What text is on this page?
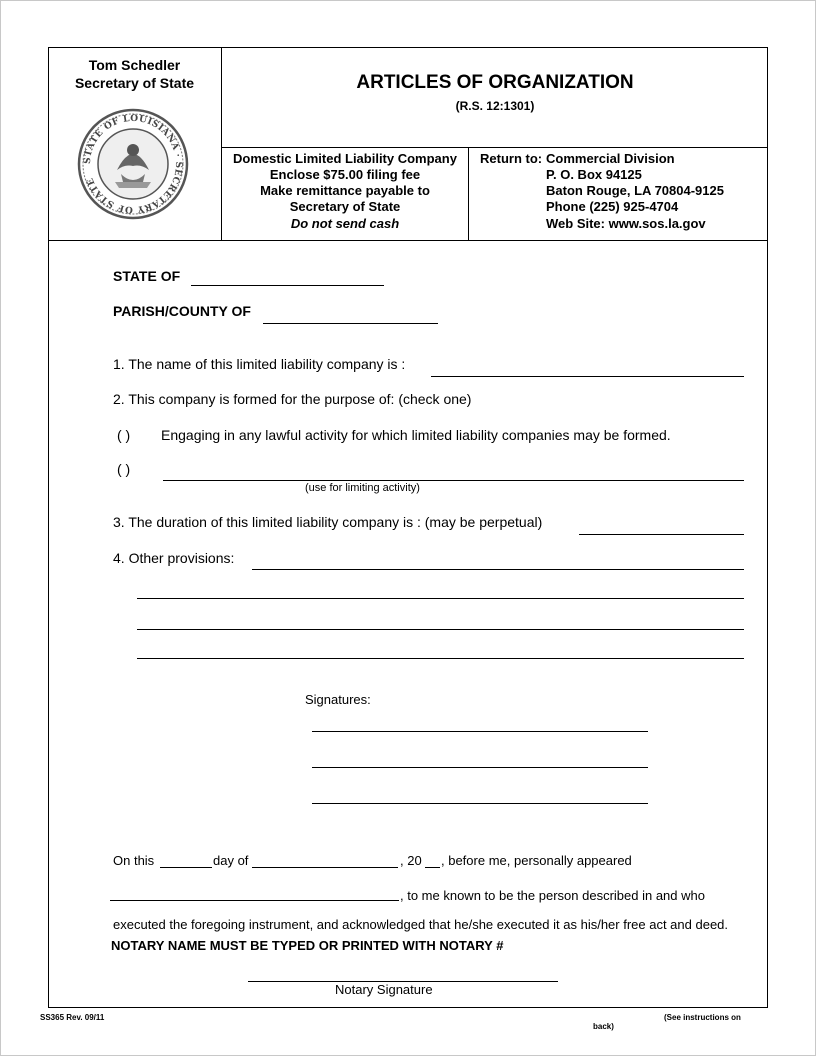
Tom Schedler
Secretary of State
STATE OF LOUISIANA · SECRETARY OF STATE
ARTICLES OF ORGANIZATION
(R.S. 12:1301)
Domestic Limited Liability Company
Enclose $75.00 filing fee
Make remittance payable to
Secretary of State
Do not send cash
Return to: Commercial Division
P. O. Box 94125
Baton Rouge, LA 70804-9125
Phone (225) 925-4704
Web Site: www.sos.la.gov
STATE OF
PARISH/COUNTY OF
1. The name of this limited liability company is :
2. This company is formed for the purpose of: (check one)
( ) Engaging in any lawful activity for which limited liability companies may be formed.
( )
(use for limiting activity)
3. The duration of this limited liability company is : (may be perpetual)
4. Other provisions:
Signatures:
On this	day of	, 20 , before me, personally appeared
, to me known to be the person described in and who
executed the foregoing instrument, and acknowledged that he/she executed it as his/her free act and deed.
NOTARY NAME MUST BE TYPED OR PRINTED WITH NOTARY #
Notary Signature
SS365 Rev. 09/11	(See instructions on
back)
